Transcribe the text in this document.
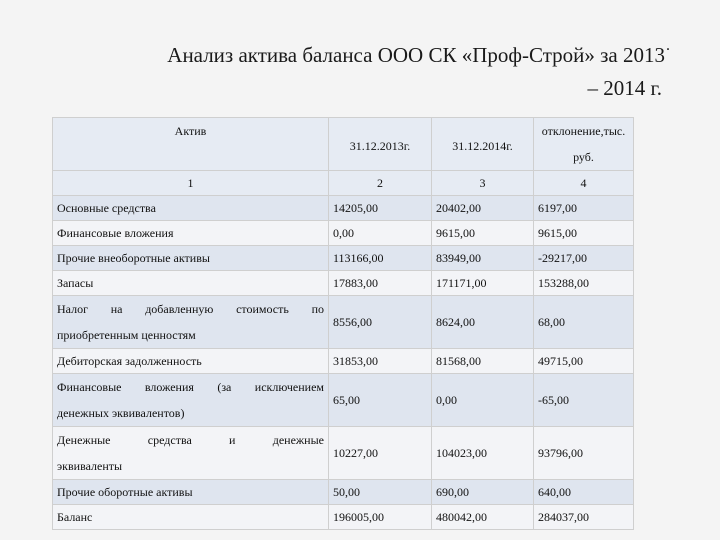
Анализ актива баланса ООО СК «Проф-Строй» за 2013.
– 2014 г.
Актив	31.12.2013г.	31.12.2014г.	отклонение,тыс.
руб.

1	2	3	4
Основные средства	14205,00	20402,00	6197,00
Финансовые вложения	0,00	9615,00	9615,00
Прочие внеоборотные активы	113166,00	83949,00	-29217,00
Запасы	17883,00	171171,00	153288,00

Налог на добавленную стоимость по
приобретенным ценностям	8556,00	8624,00	68,00
Дебиторская задолженность	31853,00	81568,00	49715,00

Финансовые вложения (за исключением
денежных эквивалентов)	65,00	0,00	-65,00

Денежные средства и денежные
эквиваленты	10227,00	104023,00	93796,00
Прочие оборотные активы	50,00	690,00	640,00
Баланс	196005,00	480042,00	284037,00
